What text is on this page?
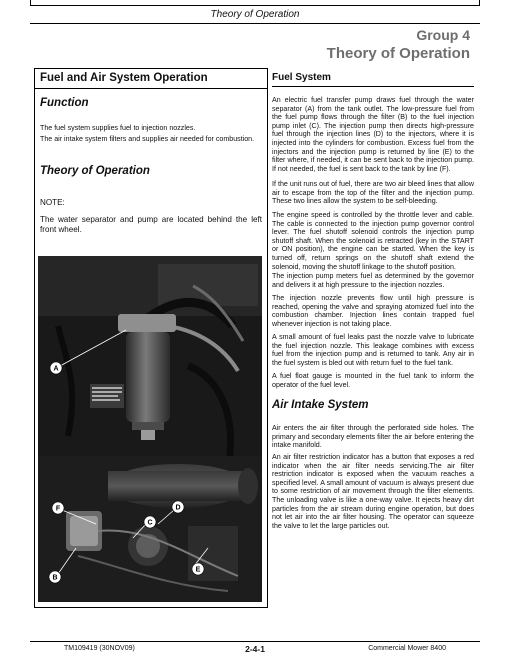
Theory of Operation
Group 4
Theory of Operation
Fuel and Air System Operation
Function
The fuel system supplies fuel to injection nozzles.
The air intake system filters and supplies air needed for combustion.
Theory of Operation
NOTE:
The water separator and pump are located behind the left front wheel.
A
F	D
C
E
B
Fuel System
An electric fuel transfer pump draws fuel through the water separator (A) from the tank outlet. The low-pressure fuel from the fuel pump flows through the filter (B) to the fuel injection pump inlet (C). The injection pump then directs high-pressure fuel through the injection lines (D) to the injectors, where it is injected into the cylinders for combustion. Excess fuel from the injectors and the injection pump is returned by line (E) to the filter where, if needed, it can be sent back to the injection pump. If not needed, the fuel is sent back to the tank by line (F).
If the unit runs out of fuel, there are two air bleed lines that allow air to escape from the top of the filter and the injection pump. These two lines allow the system to be self-bleeding.
The engine speed is controlled by the throttle lever and cable. The cable is connected to the injection pump governor control lever. The fuel shutoff solenoid controls the injection pump shutoff shaft. When the solenoid is retracted (key in the START or ON position), the engine can be started. When the key is turned off, return springs on the shutoff shaft extend the solenoid, moving the shutoff linkage to the shutoff position.
The injection pump meters fuel as determined by the governor and delivers it at high pressure to the injection nozzles.
The injection nozzle prevents flow until high pressure is reached, opening the valve and spraying atomized fuel into the combustion chamber. Injection lines contain trapped fuel whenever injection is not taking place.
A small amount of fuel leaks past the nozzle valve to lubricate the fuel injection nozzle. This leakage combines with excess fuel from the injection pump and is returned to tank. Any air in the fuel system is bled out with return fuel to the fuel tank.
A fuel float gauge is mounted in the fuel tank to inform the operator of the fuel level.
Air Intake System
Air enters the air filter through the perforated side holes. The primary and secondary elements filter the air before entering the intake manifold.
An air filter restriction indicator has a button that exposes a red indicator when the air filter needs servicing.The air filter restriction indicator is exposed when the vacuum reaches a specified level. A small amount of vacuum is always present due to some restriction of air movement through the filter elements. The unloading valve is like a one-way valve. It ejects heavy dirt particles from the air stream during engine operation, but does not let air into the air filter housing. The operator can squeeze the valve to let the large particles out.
TM109419 (30NOV09)	2-4-1	Commercial Mower 8400
